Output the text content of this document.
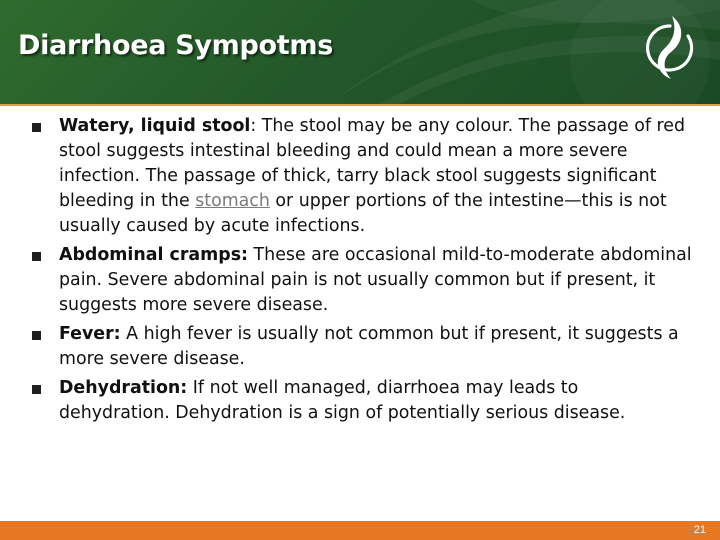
Diarrhoea Sympotms
Watery, liquid stool: The stool may be any colour. The passage of red stool suggests intestinal bleeding and could mean a more severe infection. The passage of thick, tarry black stool suggests significant bleeding in the stomach or upper portions of the intestine—this is not usually caused by acute infections.
Abdominal cramps: These are occasional mild-to-moderate abdominal pain. Severe abdominal pain is not usually common but if present, it suggests more severe disease.
Fever: A high fever is usually not common but if present, it suggests a more severe disease.
Dehydration: If not well managed, diarrhoea may leads to dehydration. Dehydration is a sign of potentially serious disease.
21
